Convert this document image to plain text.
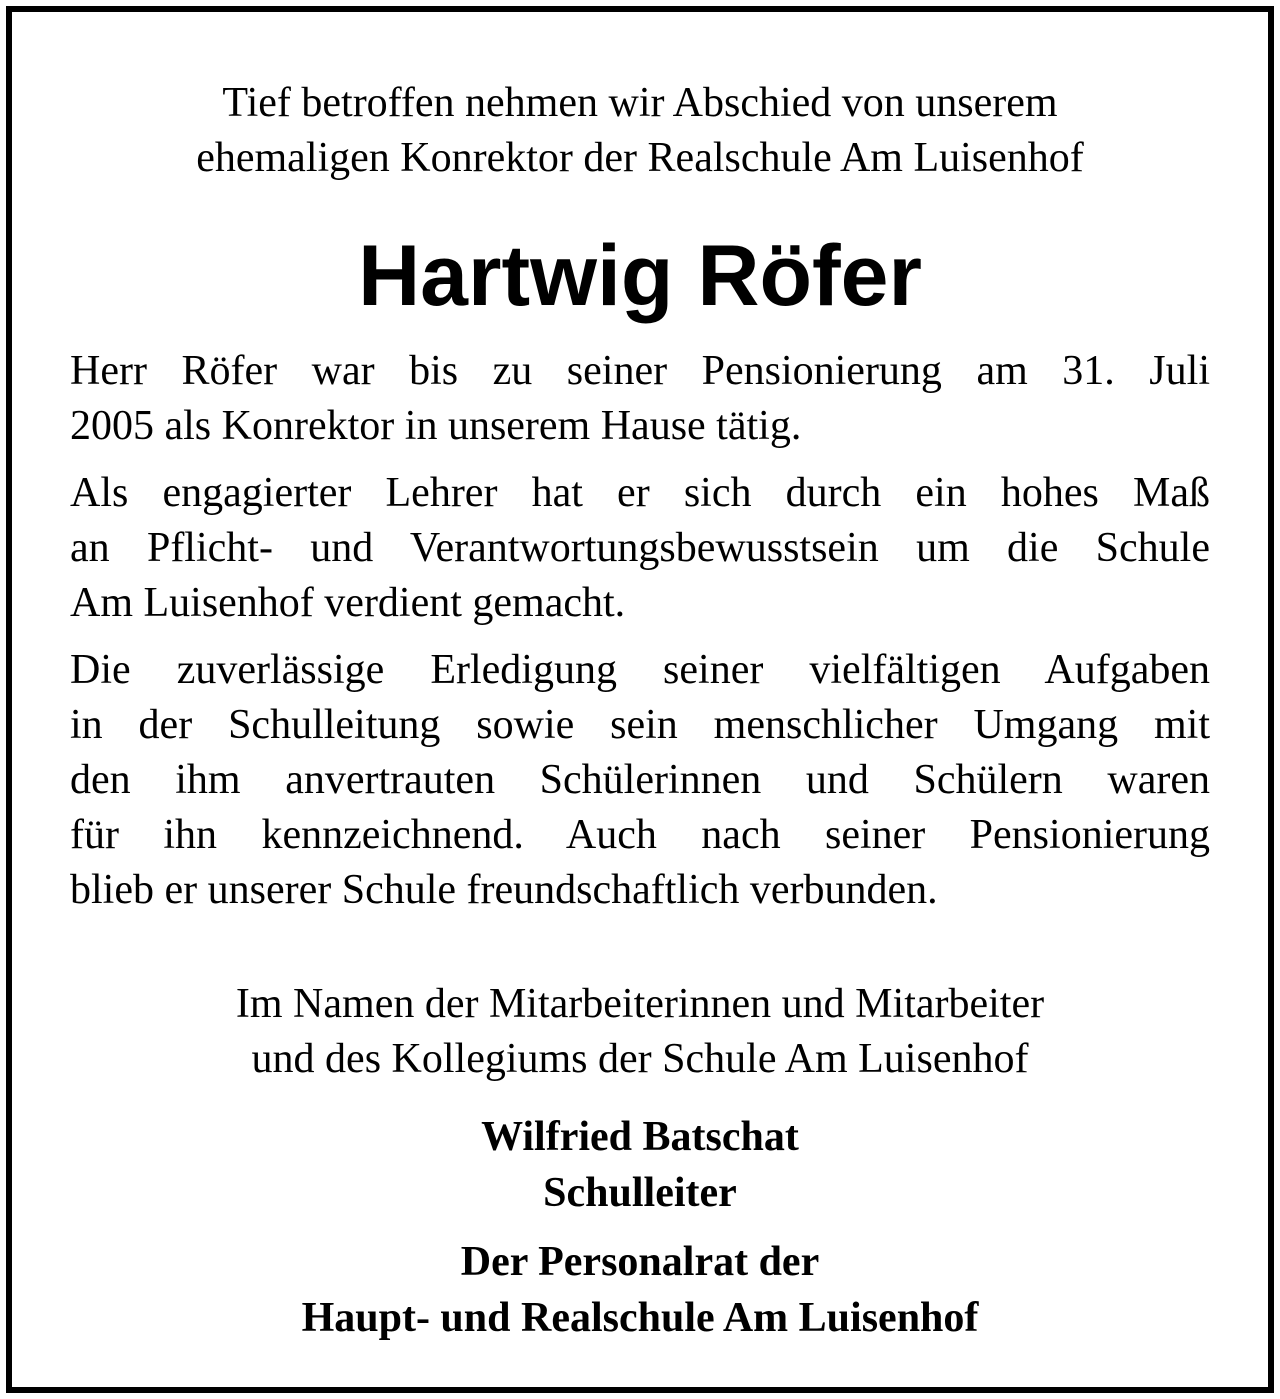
Tief betroffen nehmen wir Abschied von unserem
ehemaligen Konrektor der Realschule Am Luisenhof
Hartwig Röfer
Herr Röfer war bis zu seiner Pensionierung am 31. Juli
2005 als Konrektor in unserem Hause tätig.
Als engagierter Lehrer hat er sich durch ein hohes Maß
an Pflicht- und Verantwortungsbewusstsein um die Schule
Am Luisenhof verdient gemacht.
Die zuverlässige Erledigung seiner vielfältigen Aufgaben
in der Schulleitung sowie sein menschlicher Umgang mit
den ihm anvertrauten Schülerinnen und Schülern waren
für ihn kennzeichnend. Auch nach seiner Pensionierung
blieb er unserer Schule freundschaftlich verbunden.
Im Namen der Mitarbeiterinnen und Mitarbeiter
und des Kollegiums der Schule Am Luisenhof
Wilfried Batschat
Schulleiter
Der Personalrat der
Haupt- und Realschule Am Luisenhof
